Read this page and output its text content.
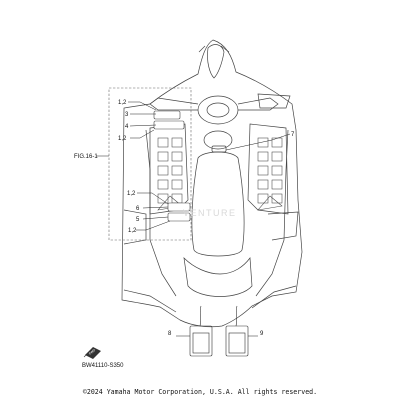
1,2
3
4
1,2
FIG.16-1
7
1,2
6
5
1,2
8	9
FWD
BW41110-S350
VENTURE
©2024 Yamaha Motor Corporation, U.S.A. All rights reserved.
